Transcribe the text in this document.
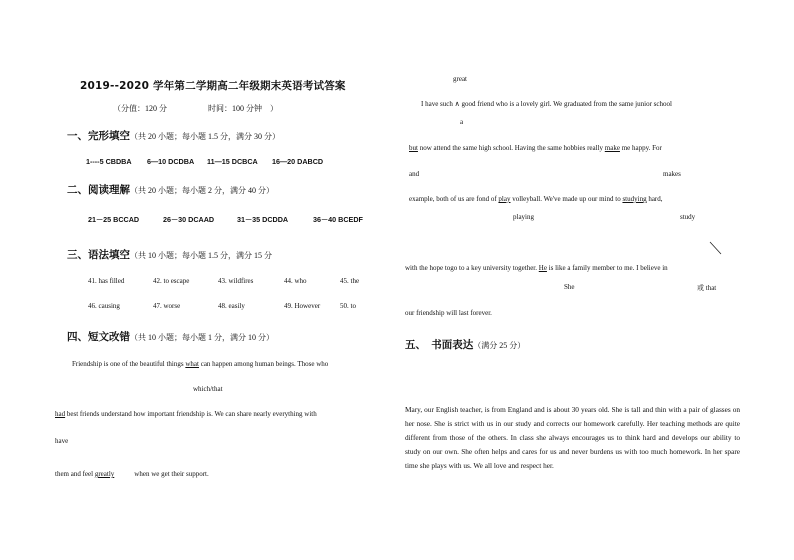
2019--2020 学年第二学期高二年级期末英语考试答案
（分值：120 分	时间：100 分钟　）
一、完形填空（共 20 小题；每小题 1.5 分，满分 30 分）
1----5 CBDBA 6—10 DCDBA 11—15 DCBCA 16—20 DABCD
二、阅读理解（共 20 小题；每小题 2 分，满分 40 分）
21－25 BCCAD	26－30 DCAAD	31－35 DCDDA	36－40 BCEDF
三、语法填空（共 10 小题；每小题 1.5 分，满分 15 分
41. has filled	42. to escape	43. wildfires	44. who	45. the
46. causing	47. worse	48. easily	49. However	50. to
四、短文改错（共 10 小题；每小题 1 分，满分 10 分）
Friendship is one of the beautiful things what can happen among human beings. Those who
which/that
had best friends understand how important friendship is. We can share nearly everything with
have
them and feel greatly	when we get their support.
great
I have such ∧ good friend who is a lovely girl. We graduated from the same junior school
a
but now attend the same high school. Having the same hobbies really make me happy. For
and	makes
example, both of us are fond of play volleyball. We've made up our mind to studying hard,
playing	study
with the hope togo to a key university together. He is like a family member to me. I believe in
She	或 that
our friendship will last forever.
五、　书面表达（满分 25 分）
Mary, our English teacher, is from England and is about 30 years old. She is tall and thin with a pair of glasses on her nose. She is strict with us in our study and corrects our homework carefully. Her teaching methods are quite different from those of the others. In class she always encourages us to think hard and develops our ability to study on our own. She often helps and cares for us and never burdens us with too much homework. In her spare time she plays with us. We all love and respect her.
